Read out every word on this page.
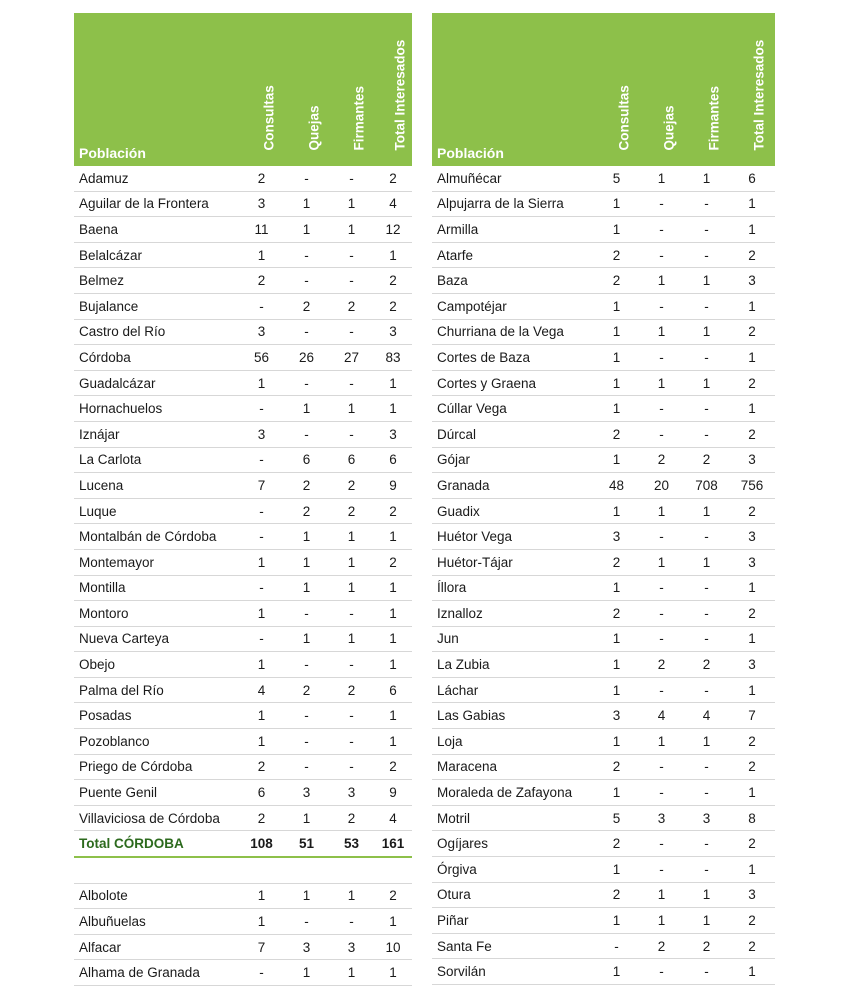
Población	Consultas	Quejas	Firmantes	Total Interesados

Adamuz	2	-	-	2
Aguilar de la Frontera	3	1	1	4
Baena	11	1	1	12
Belalcázar	1	-	-	1
Belmez	2	-	-	2
Bujalance	-	2	2	2
Castro del Río	3	-	-	3
Córdoba	56	26	27	83
Guadalcázar	1	-	-	1
Hornachuelos	-	1	1	1
Iznájar	3	-	-	3
La Carlota	-	6	6	6
Lucena	7	2	2	9
Luque	-	2	2	2
Montalbán de Córdoba	-	1	1	1
Montemayor	1	1	1	2
Montilla	-	1	1	1
Montoro	1	-	-	1
Nueva Carteya	-	1	1	1
Obejo	1	-	-	1
Palma del Río	4	2	2	6
Posadas	1	-	-	1
Pozoblanco	1	-	-	1
Priego de Córdoba	2	-	-	2
Puente Genil	6	3	3	9
Villaviciosa de Córdoba	2	1	2	4
Total CÓRDOBA	108	51	53	161

Albolote	1	1	1	2
Albuñuelas	1	-	-	1
Alfacar	7	3	3	10
Alhama de Granada	-	1	1	1
Población	Consultas	Quejas	Firmantes	Total Interesados

Almuñécar	5	1	1	6
Alpujarra de la Sierra	1	-	-	1
Armilla	1	-	-	1
Atarfe	2	-	-	2
Baza	2	1	1	3
Campotéjar	1	-	-	1
Churriana de la Vega	1	1	1	2
Cortes de Baza	1	-	-	1
Cortes y Graena	1	1	1	2
Cúllar Vega	1	-	-	1
Dúrcal	2	-	-	2
Gójar	1	2	2	3
Granada	48	20	708	756
Guadix	1	1	1	2
Huétor Vega	3	-	-	3
Huétor-Tájar	2	1	1	3
Íllora	1	-	-	1
Iznalloz	2	-	-	2
Jun	1	-	-	1
La Zubia	1	2	2	3
Láchar	1	-	-	1
Las Gabias	3	4	4	7
Loja	1	1	1	2
Maracena	2	-	-	2
Moraleda de Zafayona	1	-	-	1
Motril	5	3	3	8
Ogíjares	2	-	-	2
Órgiva	1	-	-	1
Otura	2	1	1	3
Piñar	1	1	1	2
Santa Fe	-	2	2	2
Sorvilán	1	-	-	1
